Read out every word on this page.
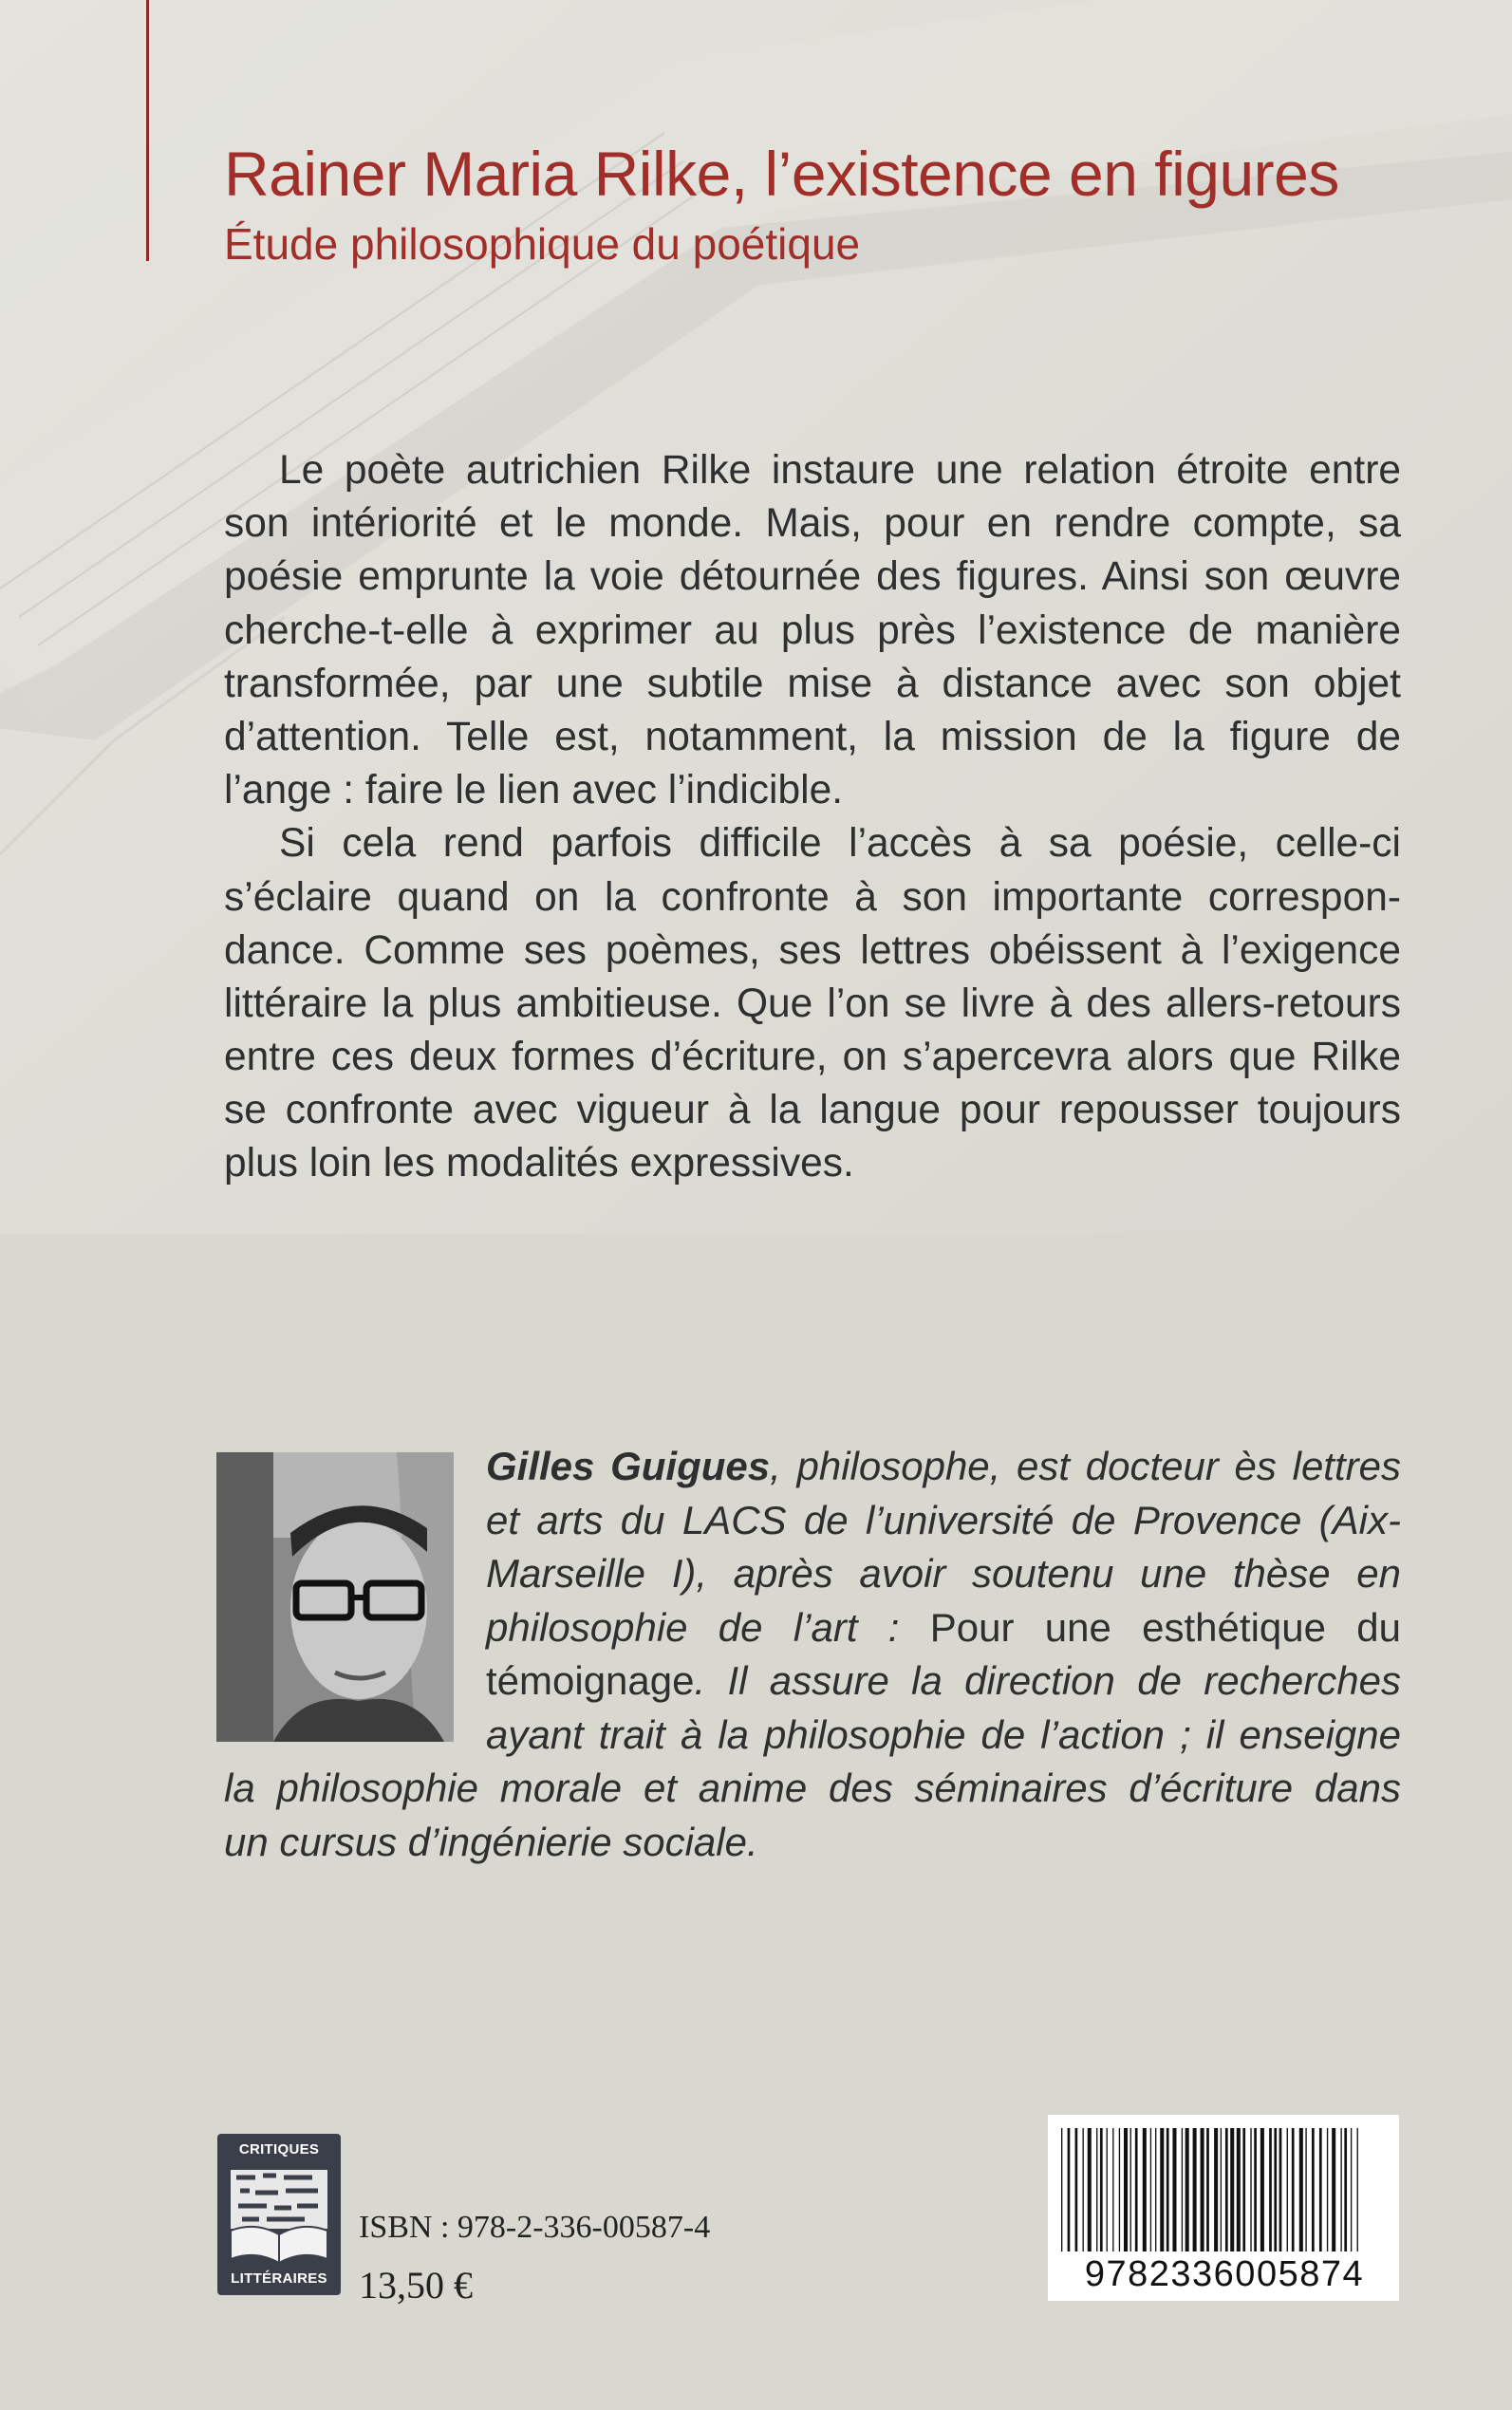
Rainer Maria Rilke, l’existence en figures
Étude philosophique du poétique
Le poète autrichien Rilke instaure une relation étroite entre
son intériorité et le monde. Mais, pour en rendre compte, sa
poésie emprunte la voie détournée des figures. Ainsi son œuvre
cherche-t-elle à exprimer au plus près l’existence de manière
transformée, par une subtile mise à distance avec son objet
d’attention. Telle est, notamment, la mission de la figure de
l’ange : faire le lien avec l’indicible.
Si cela rend parfois difficile l’accès à sa poésie, celle-ci
s’éclaire quand on la confronte à son importante correspon-
dance. Comme ses poèmes, ses lettres obéissent à l’exigence
littéraire la plus ambitieuse. Que l’on se livre à des allers-retours
entre ces deux formes d’écriture, on s’apercevra alors que Rilke
se confronte avec vigueur à la langue pour repousser toujours
plus loin les modalités expressives.
Gilles Guigues, philosophe, est docteur ès lettres
et arts du LACS de l’université de Provence (Aix-
Marseille I), après avoir soutenu une thèse en
philosophie de l’art : Pour une esthétique du
témoignage. Il assure la direction de recherches
ayant trait à la philosophie de l’action ; il enseigne
la philosophie morale et anime des séminaires d’écriture dans
un cursus d’ingénierie sociale.
CRITIQUES
LITTÉRAIRES
ISBN : 978-2-336-00587-4
13,50 €	9782336005874
